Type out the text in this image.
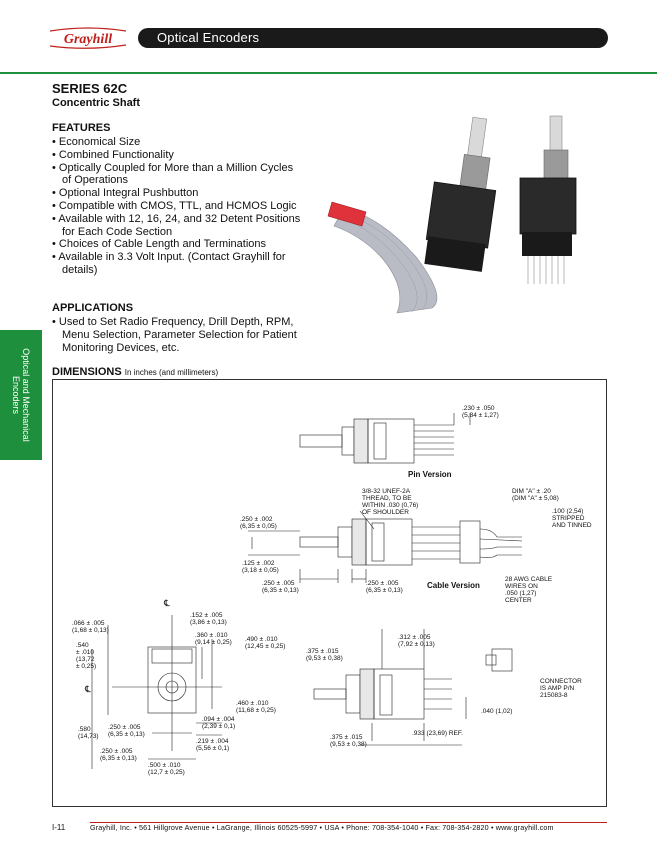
Grayhill	Optical Encoders
Optical and Mechanical Encoders
SERIES 62C
Concentric Shaft
FEATURES
• Economical Size
• Combined Functionality
• Optically Coupled for More than a Million Cycles of Operations
• Optional Integral Pushbutton
• Compatible with CMOS, TTL, and HCMOS Logic
• Available with 12, 16, 24, and 32 Detent Positions for Each Code Section
• Choices of Cable Length and Terminations
• Available in 3.3 Volt Input. (Contact Grayhill for details)
APPLICATIONS
• Used to Set Radio Frequency, Drill Depth, RPM, Menu Selection, Parameter Selection for Patient Monitoring Devices, etc.
DIMENSIONS In inches (and millimeters)
.230 ± .050
(5,84 ± 1,27)
Pin Version
3/8-32 UNEF-2A
THREAD, TO BE
WITHIN .030 (0,76)
OF SHOULDER
DIM "A" ± .20
(DIM "A" ± 5,08)
.100 (2,54)
STRIPPED
AND TINNED
.250 ± .002
(6,35 ± 0,05)
.125 ± .002
(3,18 ± 0,05)
.250 ± .005
(6,35 ± 0,13)
.250 ± .005
(6,35 ± 0,13)
Cable Version
28 AWG CABLE
WIRES ON
.050 (1,27)
CENTER
.152 ± .005
(3,86 ± 0,13)
.066 ± .005
(1,68 ± 0,13)
.360 ± .010
(9,14 ± 0,25) .490 ± .010
(12,45 ± 0,25)
.540
± .010
(13,72
± 0,25)
.460 ± .010
(11,68 ± 0,25)
.094 ± .004
(2,39 ± 0,1)
.580
(14,73)
.250 ± .005
(6,35 ± 0,13)
.219 ± .004
(5,56 ± 0,1)
.250 ± .005
(6,35 ± 0,13)
.500 ± .010
(12,7 ± 0,25)
.375 ± .015
(9,53 ± 0,38)
.312 ± .005
(7,92 ± 0,13)
CONNECTOR
IS AMP P/N
215083-8
.040 (1,02)
.375 ± .015
(9,53 ± 0,38)
.933 (23,69) REF.
℄
℄
I-11	Grayhill, Inc. • 561 Hillgrove Avenue • LaGrange, Illinois 60525-5997 • USA • Phone: 708-354-1040 • Fax: 708-354-2820 • www.grayhill.com
